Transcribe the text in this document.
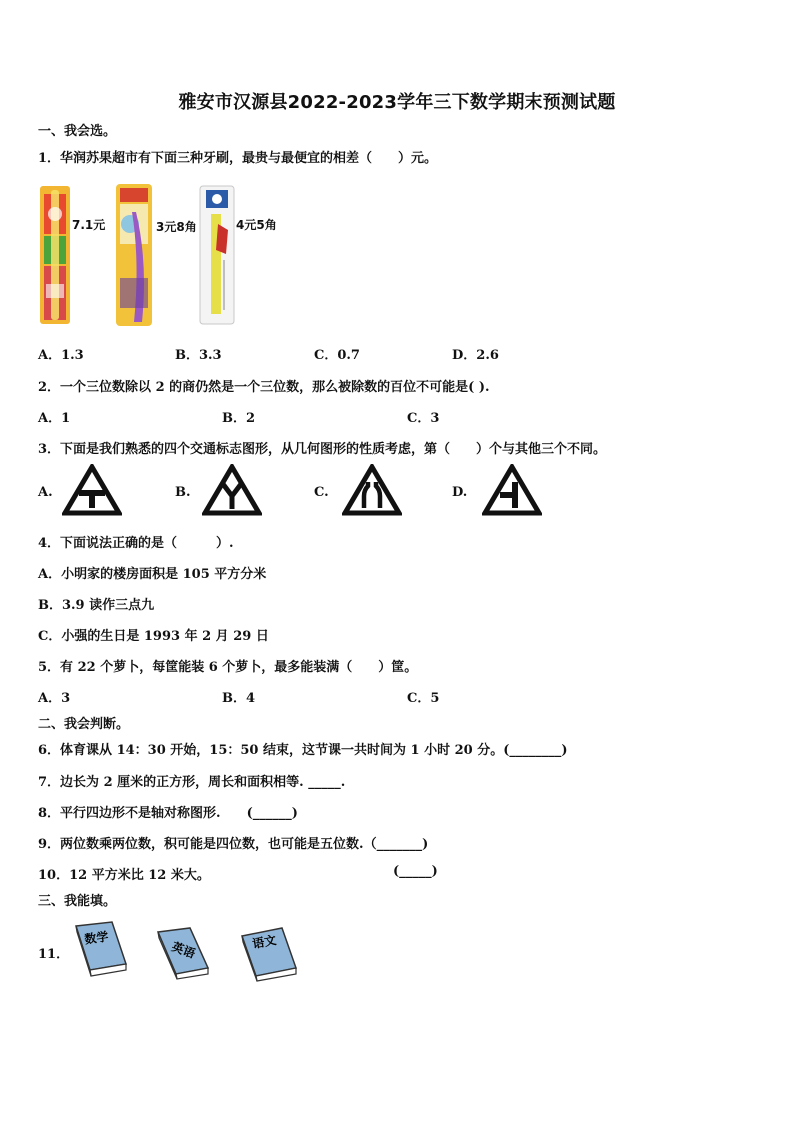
雅安市汉源县2022-2023学年三下数学期末预测试题
一、我会选。
1．华润苏果超市有下面三种牙刷，最贵与最便宜的相差（　　）元。
7.1元	3元8角	4元5角
A．1.3	B．3.3	C．0.7	D．2.6
2．一个三位数除以 2 的商仍然是一个三位数，那么被除数的百位不可能是( ).
A．1	B．2	C．3
3．下面是我们熟悉的四个交通标志图形，从几何图形的性质考虑，第（　　）个与其他三个不同。
A.	B.	C.	D.
4．下面说法正确的是（　　　）.
A．小明家的楼房面积是 105 平方分米
B．3.9 读作三点九
C．小强的生日是 1993 年 2 月 29 日
5．有 22 个萝卜，每筐能装 6 个萝卜，最多能装满（　　）筐。
A．3	B．4	C．5
二、我会判断。
6．体育课从 14：30 开始，15：50 结束，这节课一共时间为 1 小时 20 分。(________)
7．边长为 2 厘米的正方形，周长和面积相等. _____.
8．平行四边形不是轴对称图形.　　(______)
9．两位数乘两位数，积可能是四位数，也可能是五位数.（_______)
10．12 平方米比 12 米大。	(_____)
三、我能填。
11．
数学
英语	语文
